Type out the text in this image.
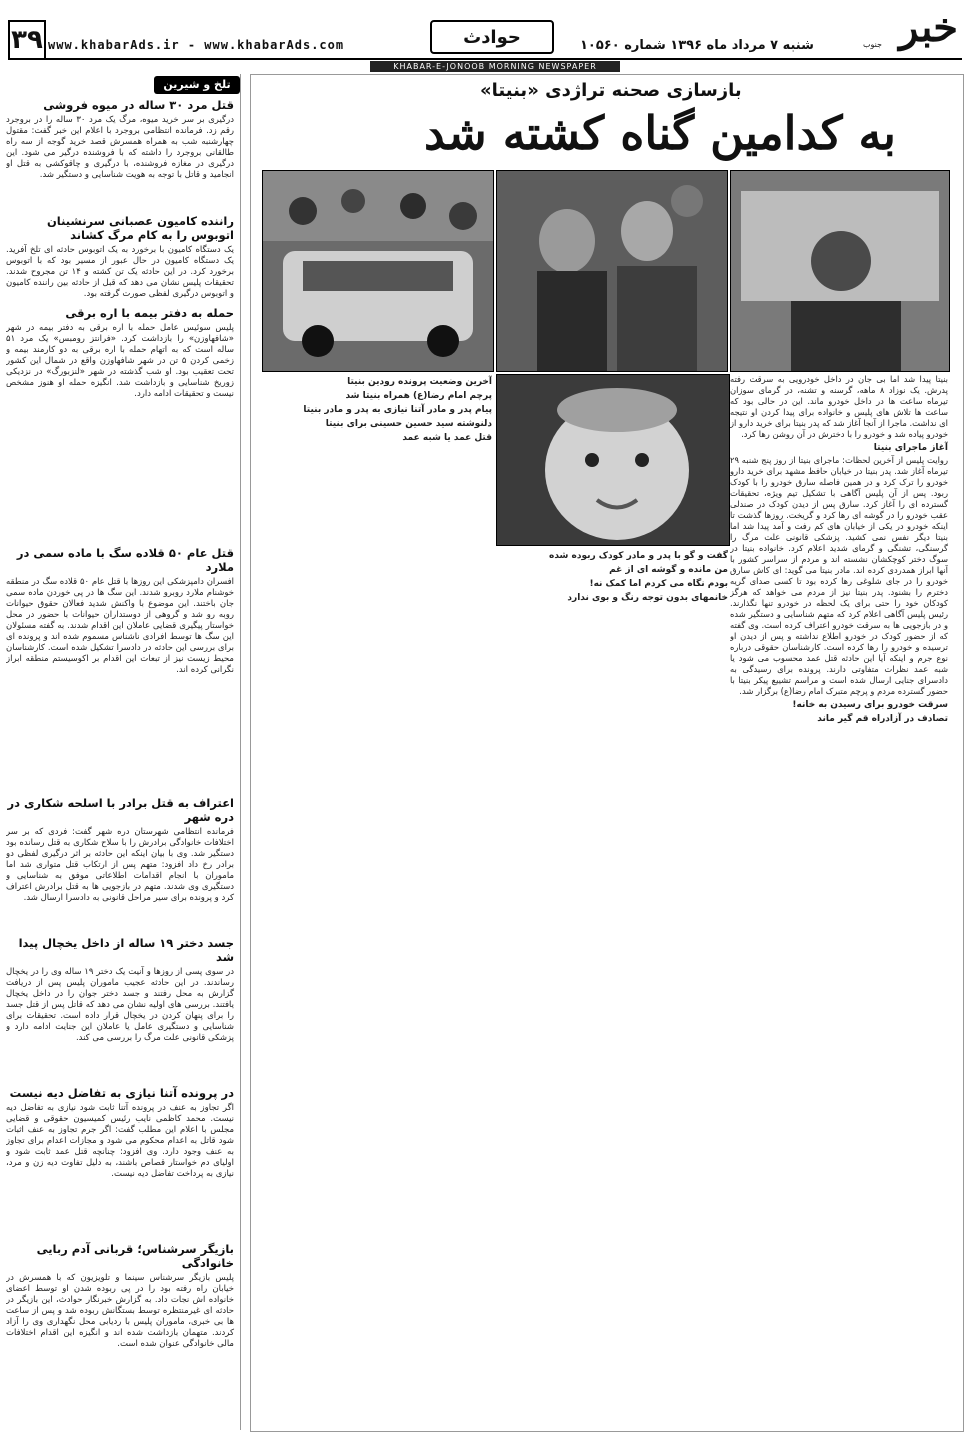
۳۹ www.khabarAds.ir - www.khabarAds.com	حوادث	شنبه ۷ مرداد ماه ۱۳۹۶ شماره ۱۰۵۶۰ خبر
جنوب
KHABAR-E-JONOOB MORNING NEWSPAPER
تلخ و شیرین
قتل مرد ۳۰ ساله در میوه فروشی
درگیری بر سر خرید میوه، مرگ یک مرد ۳۰ ساله را در بروجرد رقم زد. فرمانده انتظامی بروجرد با اعلام این خبر گفت: مقتول چهارشنبه شب به همراه همسرش قصد خرید گوجه از سه راه طالقانی بروجرد را داشته که با فروشنده درگیر می شود. این درگیری در مغازه فروشنده، با درگیری و چاقوکشی به قتل او انجامید و قاتل با توجه به هویت شناسایی و دستگیر شد.
راننده کامیون عصبانی سرنشینان اتوبوس را به کام مرگ کشاند
یک دستگاه کامیون با برخورد به یک اتوبوس حادثه ای تلخ آفرید. یک دستگاه کامیون در حال عبور از مسیر بود که با اتوبوس برخورد کرد. در این حادثه یک تن کشته و ۱۴ تن مجروح شدند. تحقیقات پلیس نشان می دهد که قبل از حادثه بین راننده کامیون و اتوبوس درگیری لفظی صورت گرفته بود.
حمله به دفتر بیمه با اره برقی
پلیس سوئیس عامل حمله با اره برقی به دفتر بیمه در شهر «شافهاوزن» را بازداشت کرد. «فرانتز رومبس» یک مرد ۵۱ ساله است که به اتهام حمله با اره برقی به دو کارمند بیمه و زخمی کردن ۵ تن در شهر شافهاوزن واقع در شمال این کشور تحت تعقیب بود. او شب گذشته در شهر «لنزبورگ» در نزدیکی زوریخ شناسایی و بازداشت شد. انگیزه حمله او هنوز مشخص نیست و تحقیقات ادامه دارد.
قتل عام ۵۰ قلاده سگ با ماده سمی در ملارد
افسران دامپزشکی این روزها با قتل عام ۵۰ قلاده سگ در منطقه خوشنام ملارد روبرو شدند. این سگ ها در پی خوردن ماده سمی جان باختند. این موضوع با واکنش شدید فعالان حقوق حیوانات روبه رو شد و گروهی از دوستداران حیوانات با حضور در محل خواستار پیگیری قضایی عاملان این اقدام شدند. به گفته مسئولان این سگ ها توسط افرادی ناشناس مسموم شده اند و پرونده ای برای بررسی این حادثه در دادسرا تشکیل شده است. کارشناسان محیط زیست نیز از تبعات این اقدام بر اکوسیستم منطقه ابراز نگرانی کرده اند.
اعتراف به قتل برادر با اسلحه شکاری در دره شهر
فرمانده انتظامی شهرستان دره شهر گفت: فردی که بر سر اختلافات خانوادگی برادرش را با سلاح شکاری به قتل رسانده بود دستگیر شد. وی با بیان اینکه این حادثه بر اثر درگیری لفظی دو برادر رخ داد افزود: متهم پس از ارتکاب قتل متواری شد اما ماموران با انجام اقدامات اطلاعاتی موفق به شناسایی و دستگیری وی شدند. متهم در بازجویی ها به قتل برادرش اعتراف کرد و پرونده برای سیر مراحل قانونی به دادسرا ارسال شد.
جسد دختر ۱۹ ساله از داخل یخچال پیدا شد
در سوی پسی از روزها و آنیت یک دختر ۱۹ ساله وی را در یخچال رساندند. در این حادثه عجیب ماموران پلیس پس از دریافت گزارش به محل رفتند و جسد دختر جوان را در داخل یخچال یافتند. بررسی های اولیه نشان می دهد که قاتل پس از قتل جسد را برای پنهان کردن در یخچال قرار داده است. تحقیقات برای شناسایی و دستگیری عامل یا عاملان این جنایت ادامه دارد و پزشکی قانونی علت مرگ را بررسی می کند.
در پرونده آتنا نیازی به تفاضل دیه نیست
اگر تجاوز به عنف در پرونده آتنا ثابت شود نیازی به تفاضل دیه نیست. محمد کاظمی نایب رئیس کمیسیون حقوقی و قضایی مجلس با اعلام این مطلب گفت: اگر جرم تجاوز به عنف اثبات شود قاتل به اعدام محکوم می شود و مجازات اعدام برای تجاوز به عنف وجود دارد. وی افزود: چنانچه قتل عمد ثابت شود و اولیای دم خواستار قصاص باشند، به دلیل تفاوت دیه زن و مرد، نیازی به پرداخت تفاضل دیه نیست.
بازیگر سرشناس؛ قربانی آدم ربایی خانوادگی
پلیس بازیگر سرشناس سینما و تلویزیون که با همسرش در خیابان راه رفته بود را در پی ربوده شدن او توسط اعضای خانواده اش نجات داد. به گزارش خبرنگار حوادث، این بازیگر در حادثه ای غیرمنتظره توسط بستگانش ربوده شد و پس از ساعت ها بی خبری، ماموران پلیس با ردیابی محل نگهداری وی را آزاد کردند. متهمان بازداشت شده اند و انگیزه این اقدام اختلافات مالی خانوادگی عنوان شده است.
بازسازی صحنه تراژدی «بنیتا»
به کدامین گناه کشته شد
بنیتا پیدا شد اما بی جان در داخل خودرویی به سرقت رفته پدرش. یک نوزاد ۸ ماهه، گرسنه و تشنه، در گرمای سوزان تیرماه ساعت ها در داخل خودرو ماند. این در حالی بود که ساعت ها تلاش های پلیس و خانواده برای پیدا کردن او نتیجه ای نداشت. ماجرا از آنجا آغاز شد که پدر بنیتا برای خرید دارو از خودرو پیاده شد و خودرو را با دخترش در آن روشن رها کرد.
آغاز ماجرای بنیتا
روایت پلیس از آخرین لحظات: ماجرای بنیتا از روز پنج شنبه ۲۹ تیرماه آغاز شد. پدر بنیتا در خیابان حافظ مشهد برای خرید دارو خودرو را ترک کرد و در همین فاصله سارق خودرو را با کودک ربود. پس از آن پلیس آگاهی با تشکیل تیم ویژه، تحقیقات گسترده ای را آغاز کرد. سارق پس از دیدن کودک در صندلی عقب خودرو را در گوشه ای رها کرد و گریخت. روزها گذشت تا اینکه خودرو در یکی از خیابان های کم رفت و آمد پیدا شد اما بنیتا دیگر نفس نمی کشید. پزشکی قانونی علت مرگ را گرسنگی، تشنگی و گرمای شدید اعلام کرد. خانواده بنیتا در سوگ دختر کوچکشان نشسته اند و مردم از سراسر کشور با آنها ابراز همدردی کرده اند. مادر بنیتا می گوید: ای کاش سارق خودرو را در جای شلوغی رها کرده بود تا کسی صدای گریه دخترم را بشنود. پدر بنیتا نیز از مردم می خواهد که هرگز کودکان خود را حتی برای یک لحظه در خودرو تنها نگذارند. رئیس پلیس آگاهی اعلام کرد که متهم شناسایی و دستگیر شده و در بازجویی ها به سرقت خودرو اعتراف کرده است. وی گفته که از حضور کودک در خودرو اطلاع نداشته و پس از دیدن او ترسیده و خودرو را رها کرده است. کارشناسان حقوقی درباره نوع جرم و اینکه آیا این حادثه قتل عمد محسوب می شود یا شبه عمد نظرات متفاوتی دارند. پرونده برای رسیدگی به دادسرای جنایی ارسال شده است و مراسم تشییع پیکر بنیتا با حضور گسترده مردم و پرچم متبرک امام رضا(ع) برگزار شد.
سرقت خودرو برای رسیدن به خانه!
تصادف در آزادراه قم گیر ماند
گفت و گو با پدر و مادر کودک ربوده شده
من مانده و گوشه ای از غم
بودم نگاه می کردم اما کمک نه!
خانمهای بدون توجه رنگ و بوی ندارد
آخرین وضعیت پرونده رودین بنیتا
پرچم امام رضا(ع) همراه بنیتا شد
پیام پدر و مادر آتنا نیازی به پدر و مادر بنیتا
دلنوشته سید حسین حسینی برای بنیتا
قتل عمد یا شبه عمد
